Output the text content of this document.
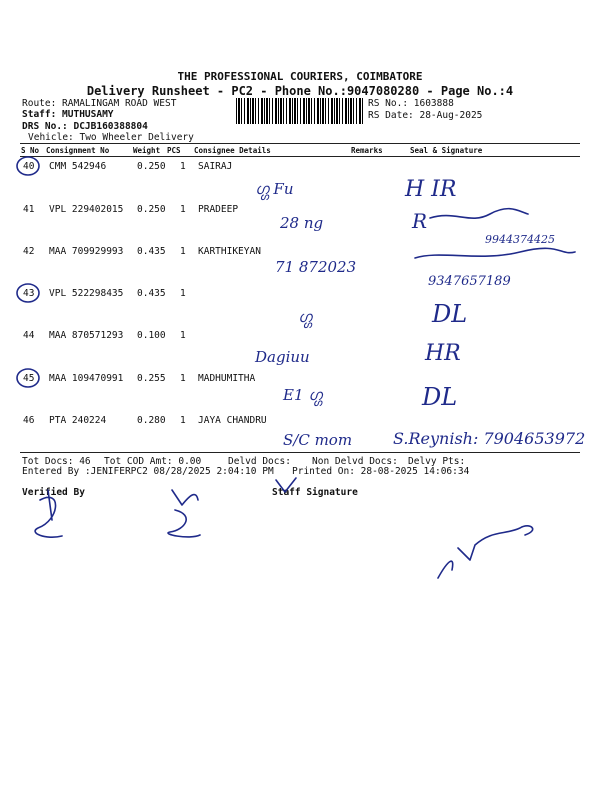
THE PROFESSIONAL COURIERS, COIMBATORE
Delivery Runsheet - PC2 - Phone No.:9047080280 - Page No.:4
Route: RAMALINGAM ROAD WEST
Staff: MUTHUSAMY
DRS No.: DCJB160388804
Vehicle: Two Wheeler Delivery
RS No.: 1603888
RS Date: 28-Aug-2025
S No Consignment No	Weight PCS Consignee Details	Remarks	Seal & Signature
40 CMM 542946	0.250 1 SAIRAJ
41 VPL 229402015 0.250 1 PRADEEP
42 MAA 709929993 0.435 1 KARTHIKEYAN
43 VPL 522298435 0.435 1
44 MAA 870571293 0.100 1
45 MAA 109470991 0.255 1 MADHUMITHA
46 PTA 240224	0.280 1 JAYA CHANDRU
Tot Docs: 46 Tot COD Amt: 0.00	Delvd Docs: Non Delvd Docs: Delvy Pts:
Entered By :JENIFERPC2 08/28/2025 2:04:10 PM Printed On: 28-08-2025 14:06:34
Verified By	Staff Signature
ഗ്ഗ Fu	H IR
28 ng	R
9944374425
71 872023
9347657189
ഗ്ഗ	DL
Dagiuu	HR
E1 ഗ്ഗ	DL
S/C mom	S.Reynish: 7904653972
